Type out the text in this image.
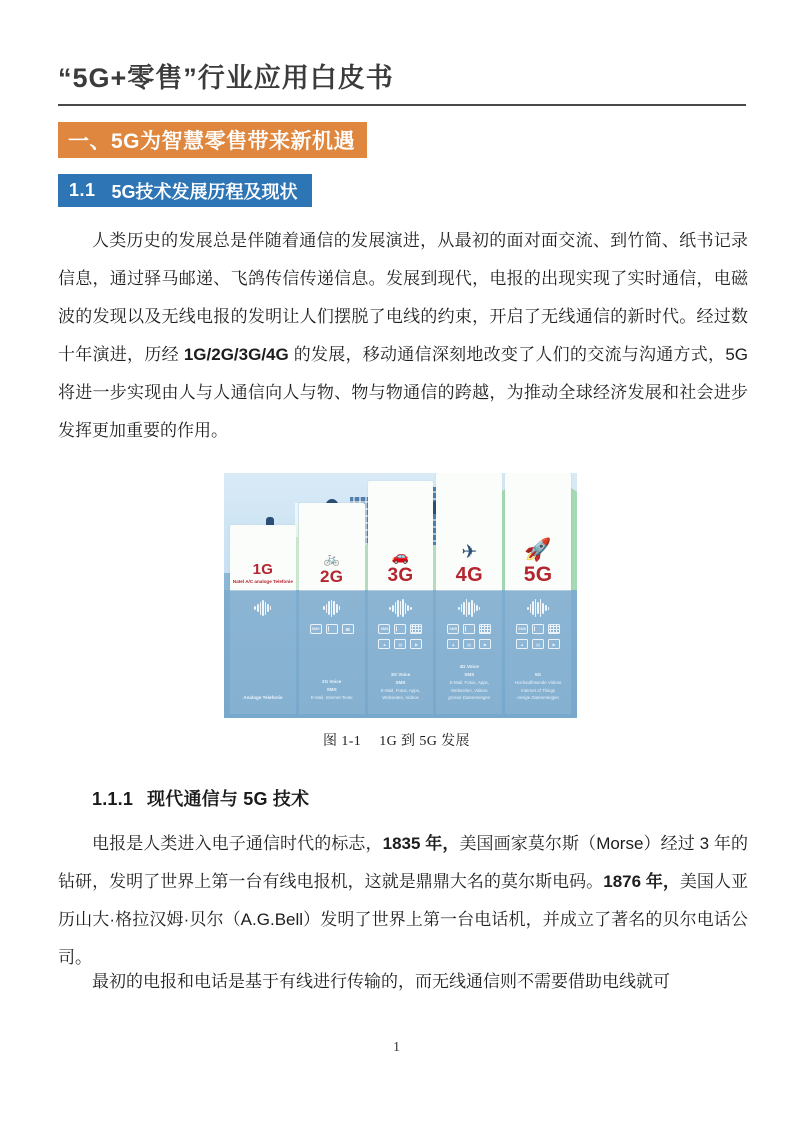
“5G+零售”行业应用白皮书
一、5G为智慧零售带来新机遇
1.1 5G技术发展历程及现状
人类历史的发展总是伴随着通信的发展演进，从最初的面对面交流、到竹简、纸书记录信息，通过驿马邮递、飞鸽传信传递信息。发展到现代，电报的出现实现了实时通信，电磁波的发现以及无线电报的发明让人们摆脱了电线的约束，开启了无线通信的新时代。经过数十年演进，历经 1G/2G/3G/4G 的发展，移动通信深刻地改变了人们的交流与沟通方式，5G 将进一步实现由人与人通信向人与物、物与物通信的跨越，为推动全球经济发展和社会进步发挥更加重要的作用。
1G
Natel A/C analoge Telefonie
Analoge Telefonie
🚲
2G
SMS	☎
2G Voice
SMS
E-Mail, Internet-Texte
🚗
3G
SMS
▲	▤	▶
3G Voice
SMS
E-Mail, Fotos, Apps,
Webseiten, Videos
✈
4G
SMS
▲	▤	▶
4G Voice
SMS
E-Mail, Fotos, Apps,
Webseiten, Videos
grosse Datenmengen
🚀
5G
SMS
▲	▤	▶
5G
Hochauflösende Videos
Internet of Things
riesige Datenmengen
图 1-1 1G 到 5G 发展
1.1.1 现代通信与 5G 技术
电报是人类进入电子通信时代的标志，1835 年，美国画家莫尔斯（Morse）经过 3 年的钻研，发明了世界上第一台有线电报机，这就是鼎鼎大名的莫尔斯电码。1876 年，美国人亚历山大·格拉汉姆·贝尔（A.G.Bell）发明了世界上第一台电话机，并成立了著名的贝尔电话公司。
最初的电报和电话是基于有线进行传输的，而无线通信则不需要借助电线就可
1
